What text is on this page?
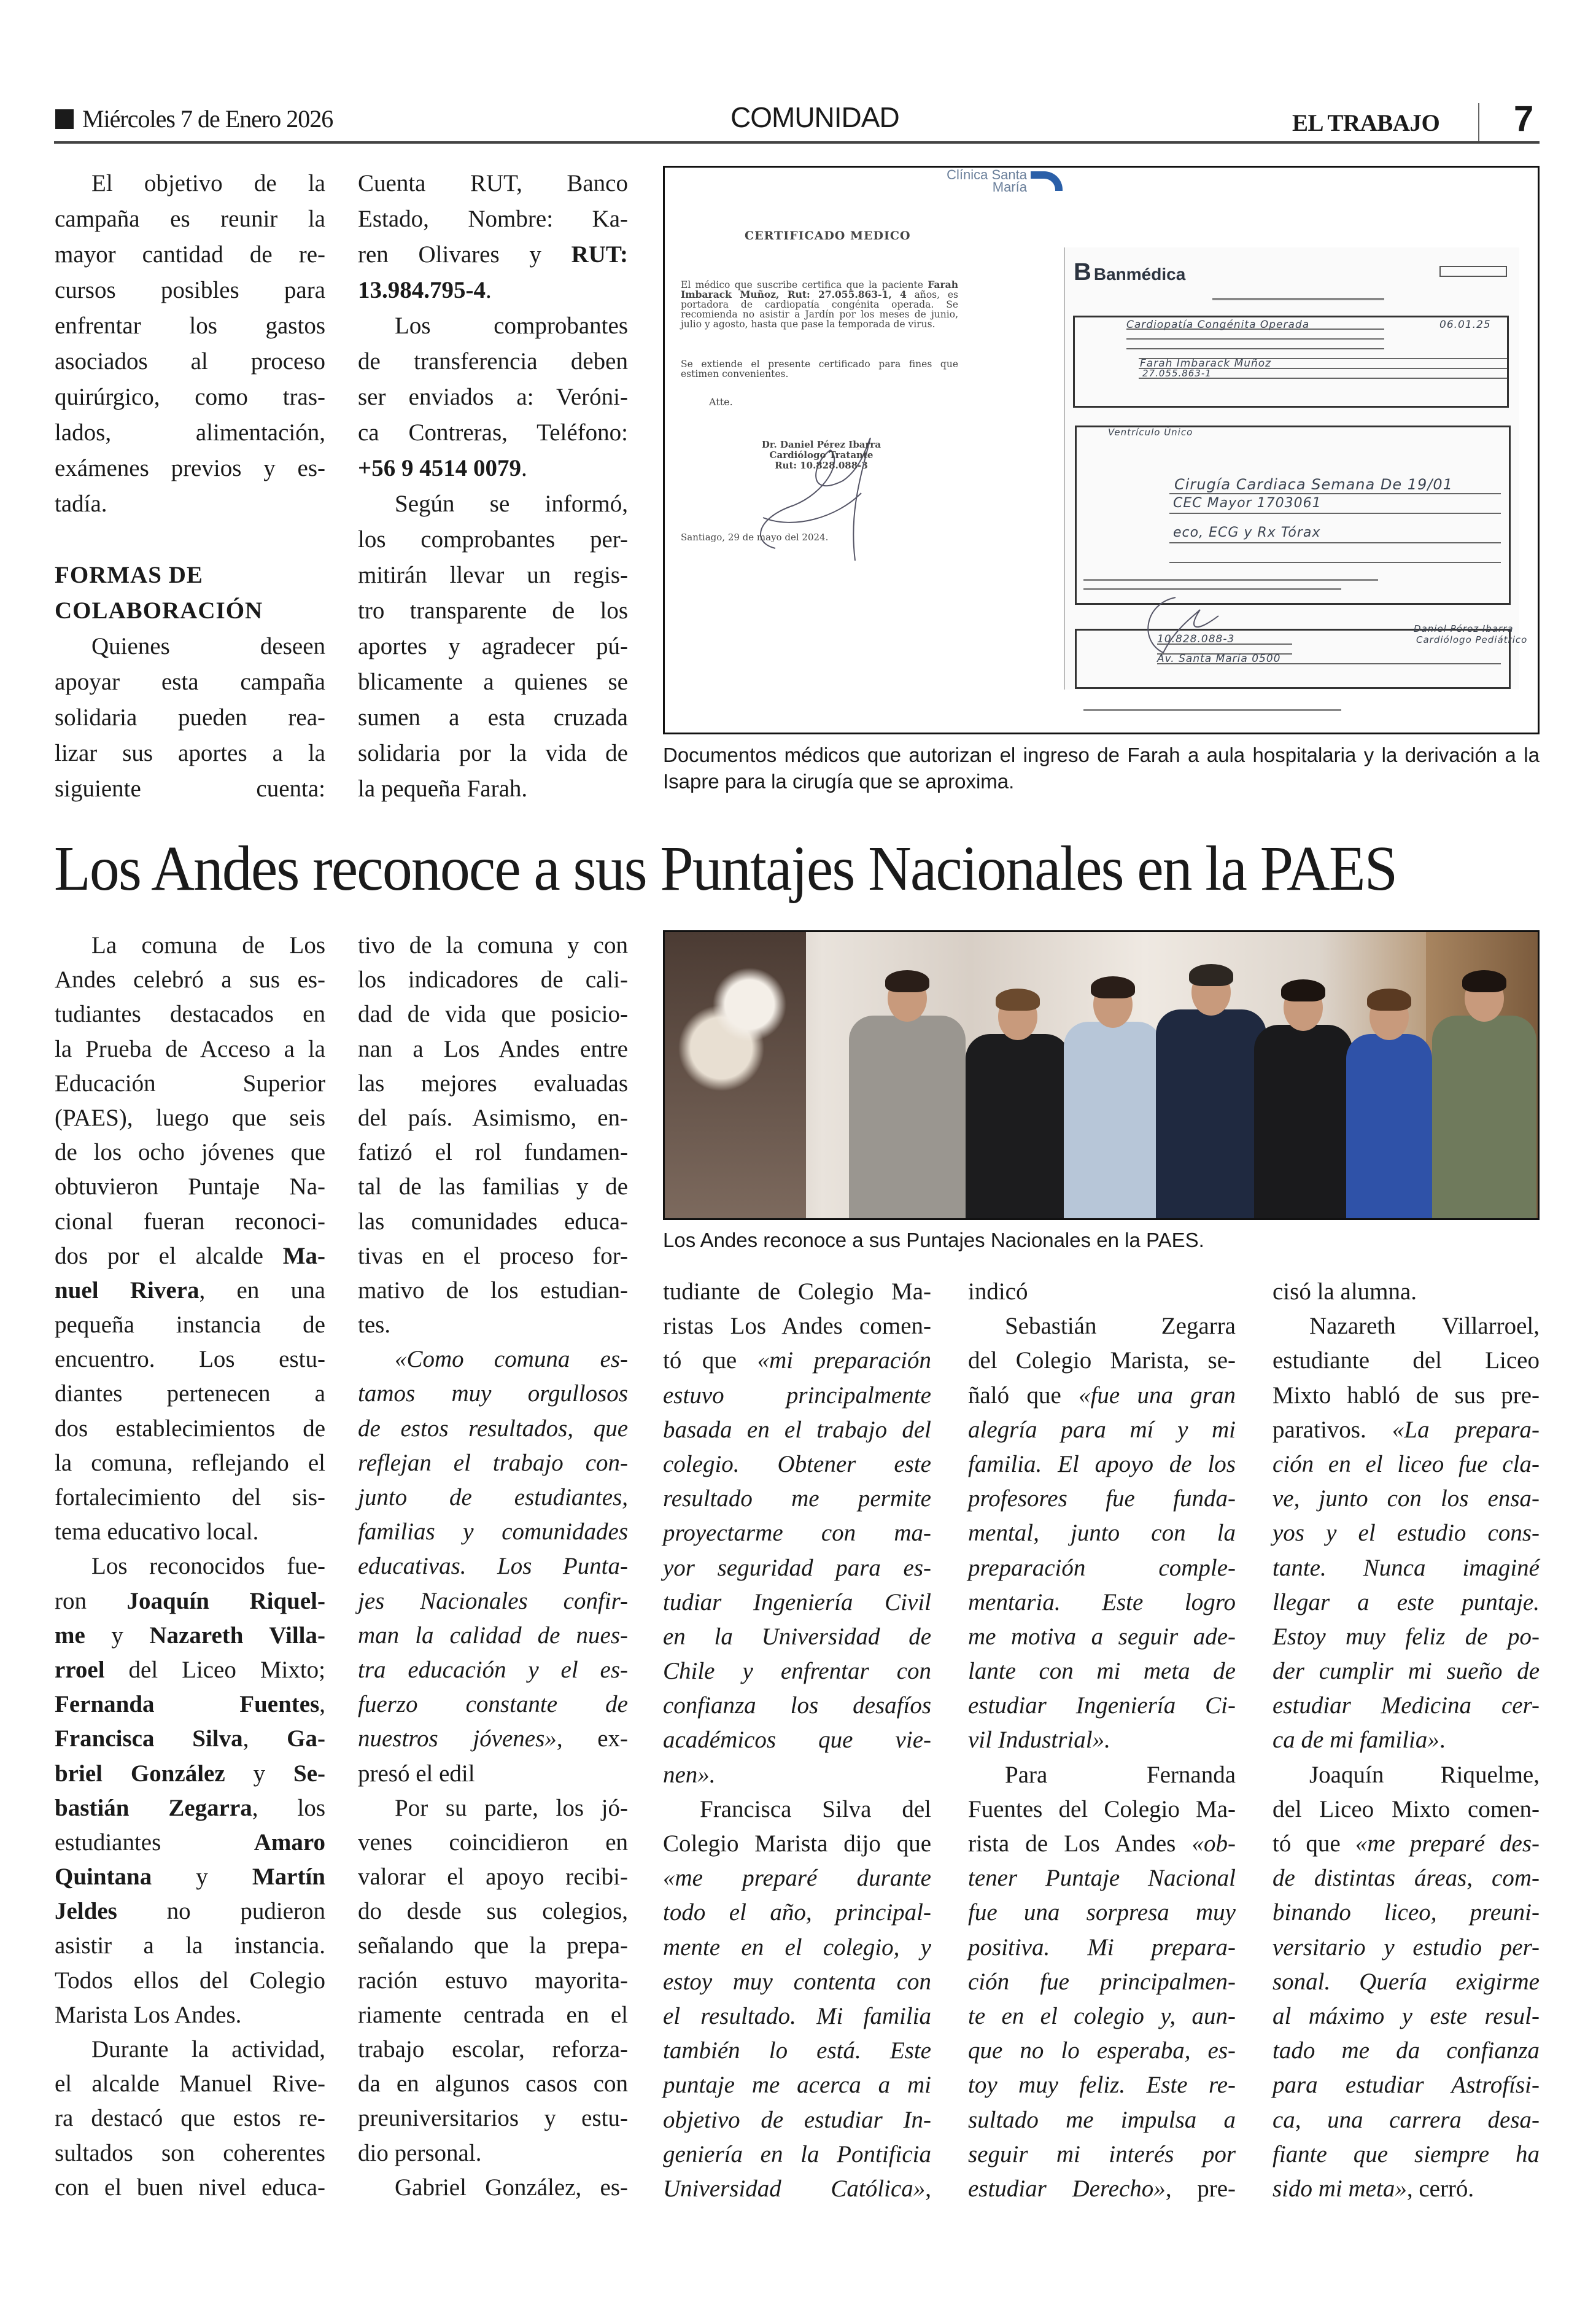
Miércoles 7 de Enero 2026	COMUNIDAD	EL TRABAJO 7
El objetivo de la
campaña es reunir la
mayor cantidad de re-
cursos posibles para
enfrentar los gastos
asociados al proceso
quirúrgico, como tras-
lados, alimentación,
exámenes previos y es-
tadía.
FORMAS DE
COLABORACIÓN
Quienes deseen
apoyar esta campaña
solidaria pueden rea-
lizar sus aportes a la
siguiente cuenta:
Cuenta RUT, Banco
Estado, Nombre: Ka-
ren Olivares y RUT:
13.984.795-4.
Los comprobantes
de transferencia deben
ser enviados a: Veróni-
ca Contreras, Teléfono:
+56 9 4514 0079.
Según se informó,
los comprobantes per-
mitirán llevar un regis-
tro transparente de los
aportes y agradecer pú-
blicamente a quienes se
sumen a esta cruzada
solidaria por la vida de
la pequeña Farah.
Clínica Santa María
CERTIFICADO MEDICO
El médico que suscribe certifica que la paciente Farah Imbarack Muñoz, Rut: 27.055.863-1, 4 años, es portadora de cardiopatía congénita operada. Se recomienda no asistir a Jardín por los meses de junio, julio y agosto, hasta que pase la temporada de virus.
Se extiende el presente certificado para fines que estimen convenientes.
Atte.
Dr. Daniel Pérez Ibarra
Cardiólogo Tratante
Rut: 10.828.088-3
Santiago, 29 de mayo del 2024.
B Banmédica
Cardiopatía Congénita Operada	06.01.25
Farah Imbarack Muñoz
27.055.863-1
Ventrículo Único
Cirugía Cardiaca Semana De 19/01
CEC Mayor 1703061
eco, ECG y Rx Tórax
10.828.088-3
Av. Santa María 0500
Daniel Pérez Ibarra
Cardiólogo Pediátrico
Documentos médicos que autorizan el ingreso de Farah a aula hospitalaria y la derivación a la Isapre para la cirugía que se aproxima.
Los Andes reconoce a sus Puntajes Nacionales en la PAES
La comuna de Los
Andes celebró a sus es-
tudiantes destacados en
la Prueba de Acceso a la
Educación Superior
(PAES), luego que seis
de los ocho jóvenes que
obtuvieron Puntaje Na-
cional fueran reconoci-
dos por el alcalde Ma-
nuel Rivera, en una
pequeña instancia de
encuentro. Los estu-
diantes pertenecen a
dos establecimientos de
la comuna, reflejando el
fortalecimiento del sis-
tema educativo local.
Los reconocidos fue-
ron Joaquín Riquel-
me y Nazareth Villa-
rroel del Liceo Mixto;
Fernanda Fuentes,
Francisca Silva, Ga-
briel González y Se-
bastián Zegarra, los
estudiantes Amaro
Quintana y Martín
Jeldes no pudieron
asistir a la instancia.
Todos ellos del Colegio
Marista Los Andes.
Durante la actividad,
el alcalde Manuel Rive-
ra destacó que estos re-
sultados son coherentes
con el buen nivel educa-
tivo de la comuna y con
los indicadores de cali-
dad de vida que posicio-
nan a Los Andes entre
las mejores evaluadas
del país. Asimismo, en-
fatizó el rol fundamen-
tal de las familias y de
las comunidades educa-
tivas en el proceso for-
mativo de los estudian-
tes.
«Como comuna es-
tamos muy orgullosos
de estos resultados, que
reflejan el trabajo con-
junto de estudiantes,
familias y comunidades
educativas. Los Punta-
jes Nacionales confir-
man la calidad de nues-
tra educación y el es-
fuerzo constante de
nuestros jóvenes», ex-
presó el edil
Por su parte, los jó-
venes coincidieron en
valorar el apoyo recibi-
do desde sus colegios,
señalando que la prepa-
ración estuvo mayorita-
riamente centrada en el
trabajo escolar, reforza-
da en algunos casos con
preuniversitarios y estu-
dio personal.
Gabriel González, es-
Los Andes reconoce a sus Puntajes Nacionales en la PAES.
tudiante de Colegio Ma-
ristas Los Andes comen-
tó que «mi preparación
estuvo principalmente
basada en el trabajo del
colegio. Obtener este
resultado me permite
proyectarme con ma-
yor seguridad para es-
tudiar Ingeniería Civil
en la Universidad de
Chile y enfrentar con
confianza los desafíos
académicos que vie-
nen».
Francisca Silva del
Colegio Marista dijo que
«me preparé durante
todo el año, principal-
mente en el colegio, y
estoy muy contenta con
el resultado. Mi familia
también lo está. Este
puntaje me acerca a mi
objetivo de estudiar In-
geniería en la Pontificia
Universidad Católica»,
indicó
Sebastián Zegarra
del Colegio Marista, se-
ñaló que «fue una gran
alegría para mí y mi
familia. El apoyo de los
profesores fue funda-
mental, junto con la
preparación comple-
mentaria. Este logro
me motiva a seguir ade-
lante con mi meta de
estudiar Ingeniería Ci-
vil Industrial».
Para Fernanda
Fuentes del Colegio Ma-
rista de Los Andes «ob-
tener Puntaje Nacional
fue una sorpresa muy
positiva. Mi prepara-
ción fue principalmen-
te en el colegio y, aun-
que no lo esperaba, es-
toy muy feliz. Este re-
sultado me impulsa a
seguir mi interés por
estudiar Derecho», pre-
cisó la alumna.
Nazareth Villarroel,
estudiante del Liceo
Mixto habló de sus pre-
parativos. «La prepara-
ción en el liceo fue cla-
ve, junto con los ensa-
yos y el estudio cons-
tante. Nunca imaginé
llegar a este puntaje.
Estoy muy feliz de po-
der cumplir mi sueño de
estudiar Medicina cer-
ca de mi familia».
Joaquín Riquelme,
del Liceo Mixto comen-
tó que «me preparé des-
de distintas áreas, com-
binando liceo, preuni-
versitario y estudio per-
sonal. Quería exigirme
al máximo y este resul-
tado me da confianza
para estudiar Astrofísi-
ca, una carrera desa-
fiante que siempre ha
sido mi meta», cerró.
